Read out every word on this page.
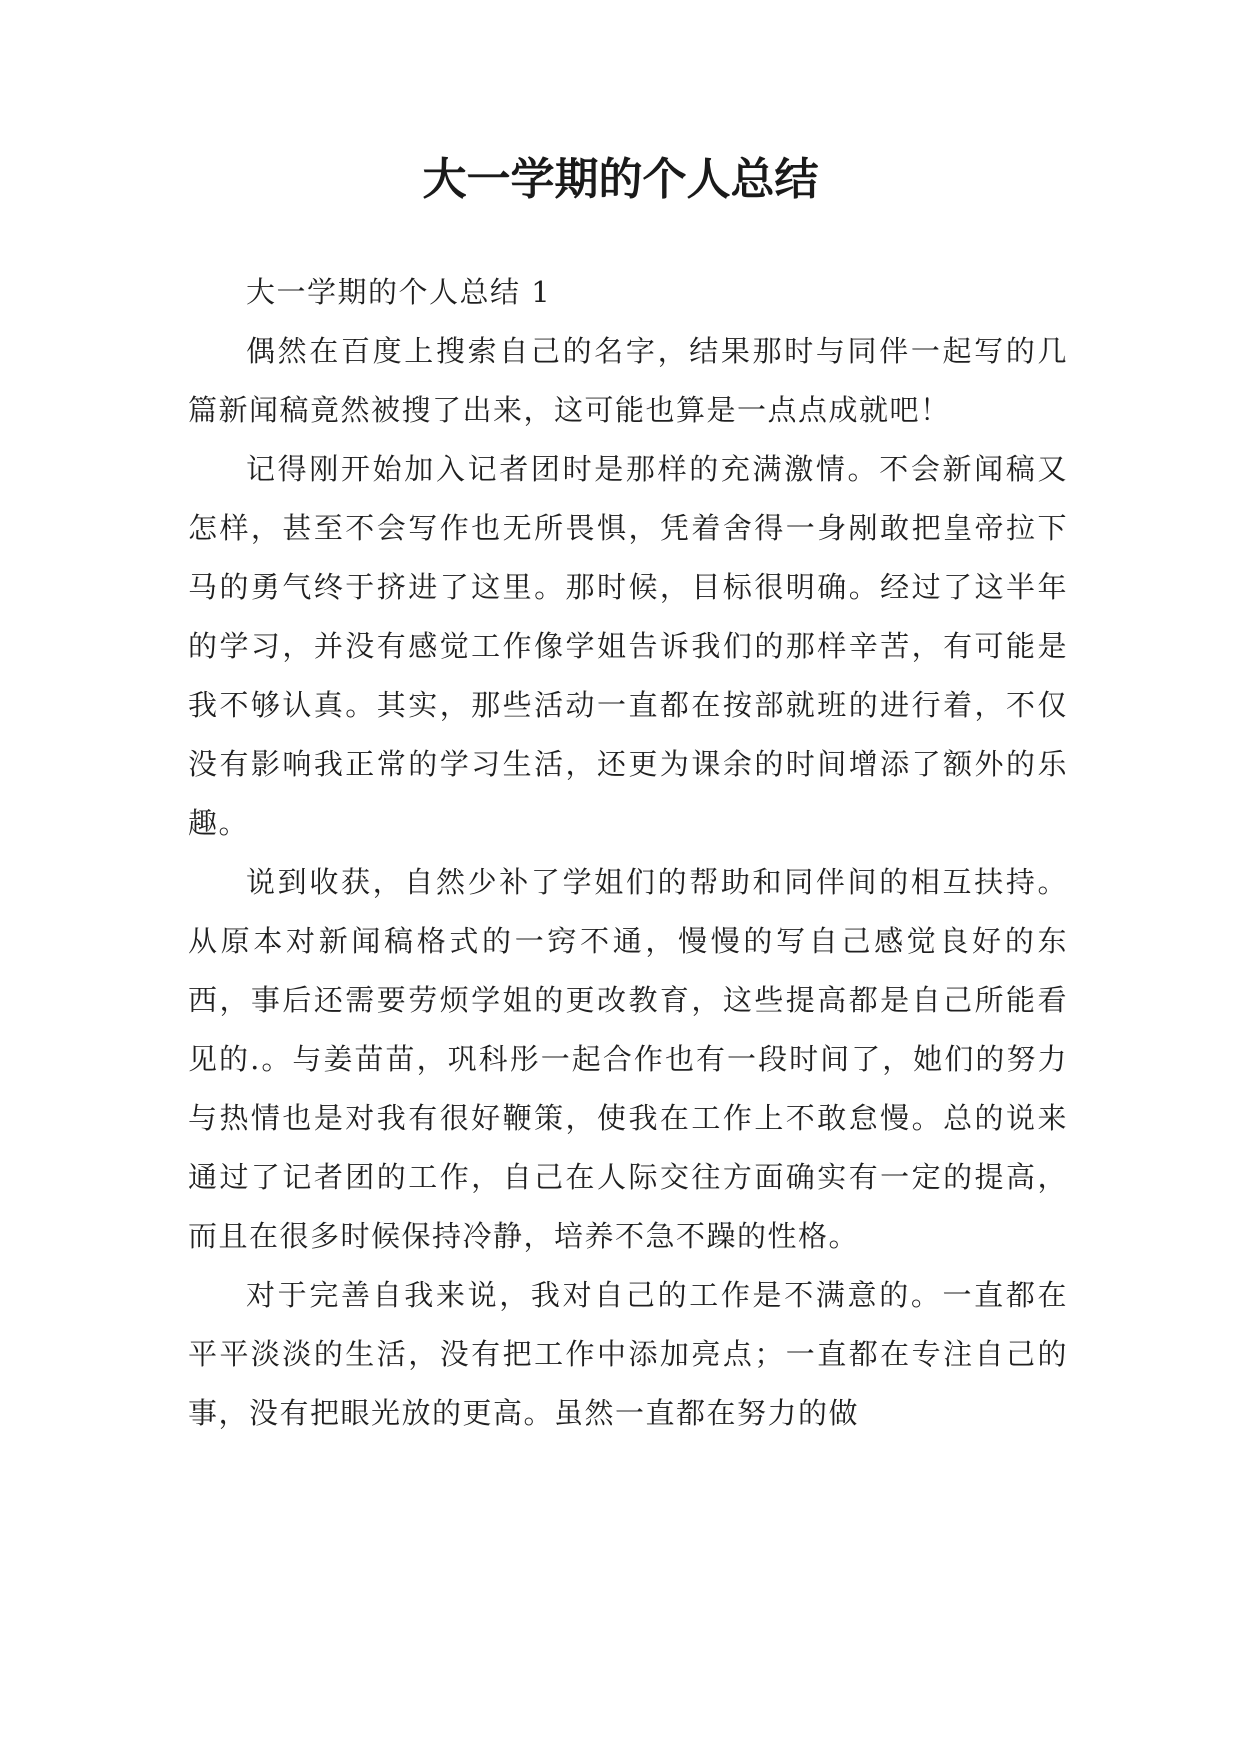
大一学期的个人总结

大一学期的个人总结 1

偶然在百度上搜索自己的名字，结果那时与同伴一起写的几篇新闻稿竟然被搜了出来，这可能也算是一点点成就吧！

记得刚开始加入记者团时是那样的充满激情。不会新闻稿又怎样，甚至不会写作也无所畏惧，凭着舍得一身剐敢把皇帝拉下马的勇气终于挤进了这里。那时候，目标很明确。经过了这半年的学习，并没有感觉工作像学姐告诉我们的那样辛苦，有可能是我不够认真。其实，那些活动一直都在按部就班的进行着，不仅没有影响我正常的学习生活，还更为课余的时间增添了额外的乐趣。

说到收获，自然少补了学姐们的帮助和同伴间的相互扶持。从原本对新闻稿格式的一窍不通，慢慢的写自己感觉良好的东西，事后还需要劳烦学姐的更改教育，这些提高都是自己所能看见的.。与姜苗苗，巩科彤一起合作也有一段时间了，她们的努力与热情也是对我有很好鞭策，使我在工作上不敢怠慢。总的说来通过了记者团的工作，自己在人际交往方面确实有一定的提高，而且在很多时候保持冷静，培养不急不躁的性格。

对于完善自我来说，我对自己的工作是不满意的。一直都在平平淡淡的生活，没有把工作中添加亮点；一直都在专注自己的事，没有把眼光放的更高。虽然一直都在努力的做
